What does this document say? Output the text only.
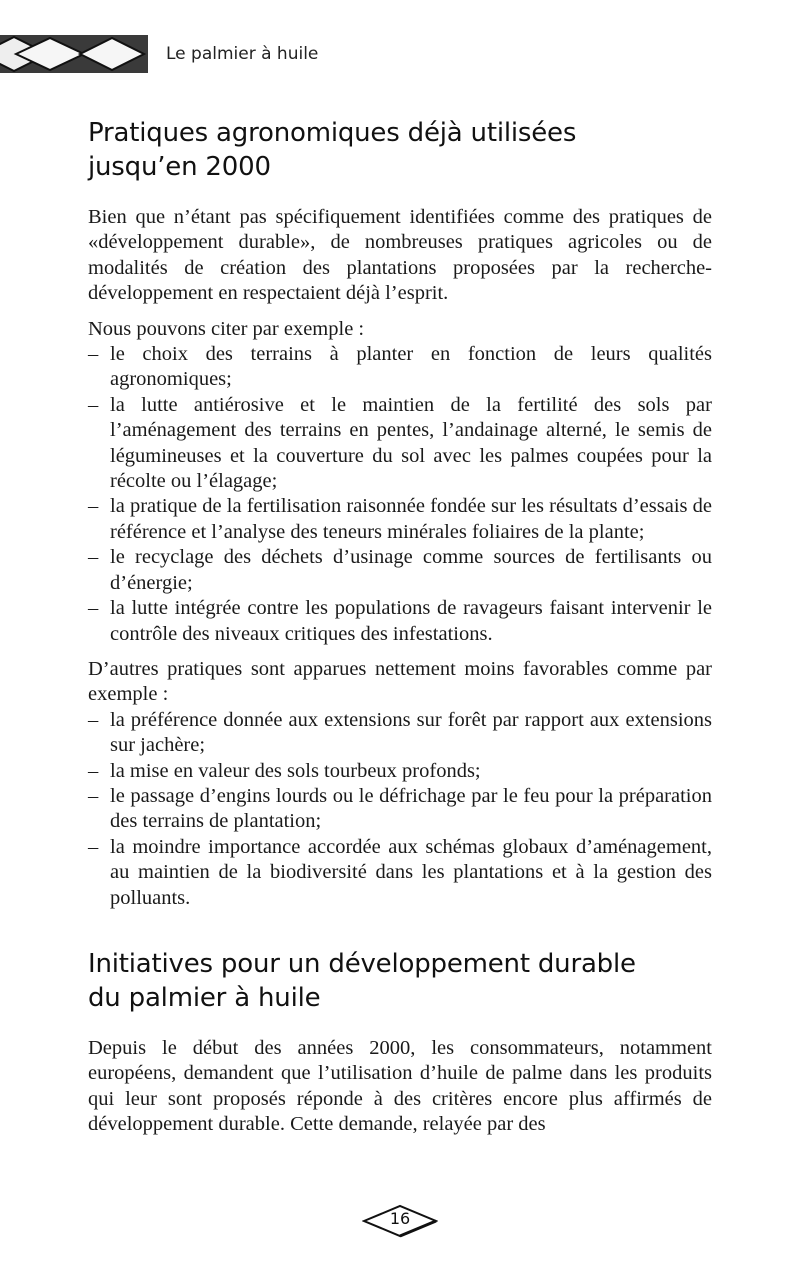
Le palmier à huile
Pratiques agronomiques déjà utilisées jusqu’en 2000

Bien que n’étant pas spécifiquement identifiées comme des pratiques de «développement durable», de nombreuses pratiques agricoles ou de modalités de création des plantations proposées par la recherche-développement en respectaient déjà l’esprit.

Nous pouvons citer par exemple :

– le choix des terrains à planter en fonction de leurs qualités agronomiques;
– la lutte antiérosive et le maintien de la fertilité des sols par l’aménagement des terrains en pentes, l’andainage alterné, le semis de légumineuses et la couverture du sol avec les palmes coupées pour la récolte ou l’élagage;
– la pratique de la fertilisation raisonnée fondée sur les résultats d’essais de référence et l’analyse des teneurs minérales foliaires de la plante;
– le recyclage des déchets d’usinage comme sources de fertilisants ou d’énergie;
– la lutte intégrée contre les populations de ravageurs faisant intervenir le contrôle des niveaux critiques des infestations.

D’autres pratiques sont apparues nettement moins favorables comme par exemple :

– la préférence donnée aux extensions sur forêt par rapport aux extensions sur jachère;
– la mise en valeur des sols tourbeux profonds;
– le passage d’engins lourds ou le défrichage par le feu pour la préparation des terrains de plantation;
– la moindre importance accordée aux schémas globaux d’aménagement, au maintien de la biodiversité dans les plantations et à la gestion des polluants.
Initiatives pour un développement durable du palmier à huile

Depuis le début des années 2000, les consommateurs, notamment européens, demandent que l’utilisation d’huile de palme dans les produits qui leur sont proposés réponde à des critères encore plus affirmés de développement durable. Cette demande, relayée par des

16
